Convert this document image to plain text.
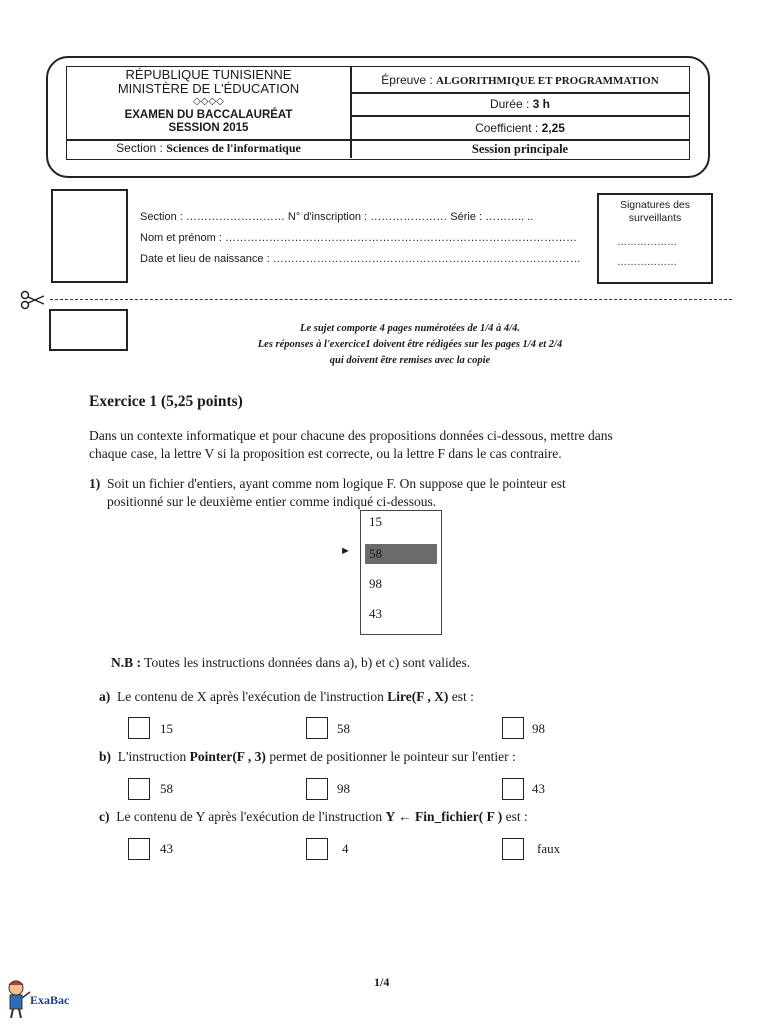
RÉPUBLIQUE TUNISIENNE
MINISTÈRE DE L'ÉDUCATION
◇◇◇◇
EXAMEN DU BACCALAURÉAT
SESSION 2015
Section : Sciences de l'informatique
Épreuve : ALGORITHMIQUE ET PROGRAMMATION
Durée : 3 h
Coefficient : 2,25
Session principale
Section : ……………………… N° d'inscription : ………………… Série : ……….. ..
Nom et prénom : ……………………………………………………………………………………
Date et lieu de naissance : …………………………………………………………………………
Signatures des surveillants
………………
………………
Le sujet comporte 4 pages numérotées de 1/4 à 4/4.
Les réponses à l'exercice1 doivent être rédigées sur les pages 1/4 et 2/4
qui doivent être remises avec la copie
Exercice 1 (5,25 points)
Dans un contexte informatique et pour chacune des propositions données ci-dessous, mettre dans
chaque case, la lettre V si la proposition est correcte, ou la lettre F dans le cas contraire.
1) Soit un fichier d'entiers, ayant comme nom logique F. On suppose que le pointeur est
positionné sur le deuxième entier comme indiqué ci-dessous.
15
58
98
43
►
N.B : Toutes les instructions données dans a), b) et c) sont valides.
a) Le contenu de X après l'exécution de l'instruction Lire(F , X) est :
15	58	98
b) L'instruction Pointer(F , 3) permet de positionner le pointeur sur l'entier :
58	98	43
c) Le contenu de Y après l'exécution de l'instruction Y ← Fin_fichier( F ) est :
43	4	faux
1/4
ExaBac
